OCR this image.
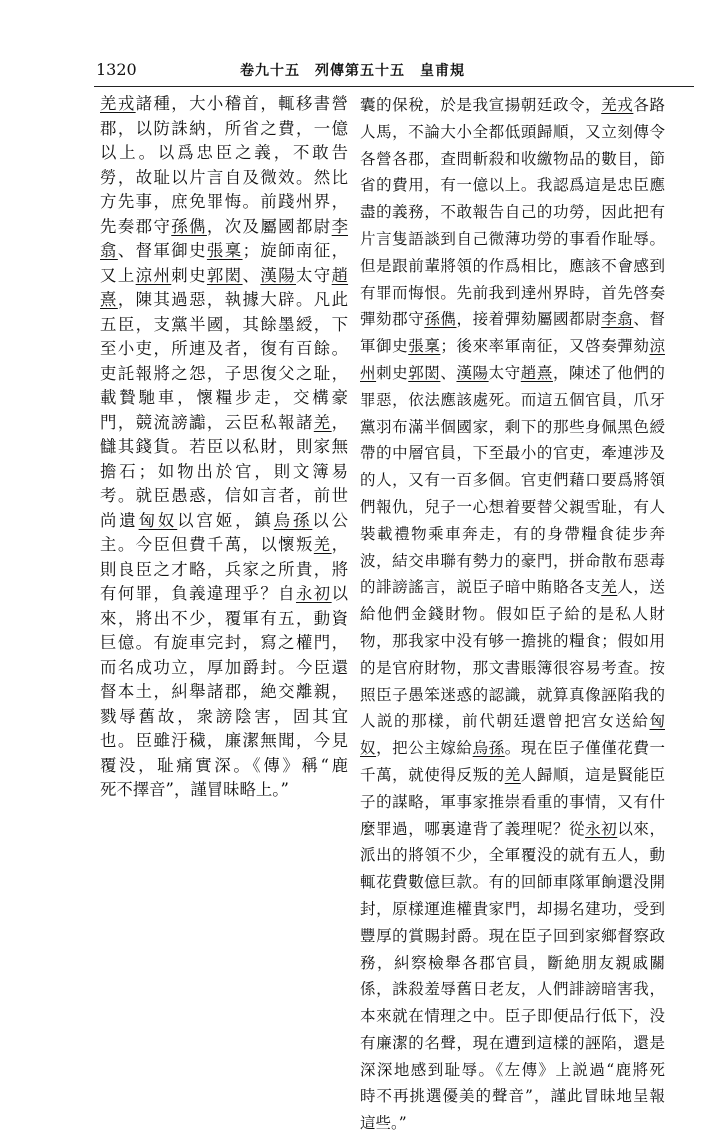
1320	卷九十五　列傳第五十五　皇甫規
羌戎諸種，大小稽首，輒移書營
郡，以防誅納，所省之費，一億
以上。以爲忠臣之義，不敢告
勞，故耻以片言自及微效。然比
方先事，庶免罪悔。前踐州界，
先奏郡守孫儁，次及屬國都尉李
翕、督軍御史張稟；旋師南征，
又上涼州刺史郭閎、漢陽太守趙
熹，陳其過惡，執據大辟。凡此
五臣，支黨半國，其餘墨綬，下
至小吏，所連及者，復有百餘。
吏託報將之怨，子思復父之耻，
載贄馳車，懷糧步走，交構豪
門，競流謗讟，云臣私報諸羌，
讎其錢貨。若臣以私財，則家無
擔石；如物出於官，則文簿易
考。就臣愚惑，信如言者，前世
尚遺匈奴以宫姬，鎮烏孫以公
主。今臣但費千萬，以懷叛羌，
則良臣之才略，兵家之所貴，將
有何罪，負義違理乎？自永初以
來，將出不少，覆軍有五，動資
巨億。有旋車完封，寫之權門，
而名成功立，厚加爵封。今臣還
督本土，糾舉諸郡，絶交離親，
戮辱舊故，衆謗陰害，固其宜
也。臣雖汙穢，廉潔無聞，今見
覆没，耻痛實深。《傳》稱“鹿
死不擇音”，謹冒昧略上。”
囊的保稅，於是我宣揚朝廷政令，羌戎各路
人馬，不論大小全都低頭歸順，又立刻傳令
各營各郡，查問斬殺和收繳物品的數目，節
省的費用，有一億以上。我認爲這是忠臣應
盡的義務，不敢報告自己的功勞，因此把有
片言隻語談到自己微薄功勞的事看作耻辱。
但是跟前輩將領的作爲相比，應該不會感到
有罪而悔恨。先前我到達州界時，首先啓奏
彈劾郡守孫儁，接着彈劾屬國都尉李翕、督
軍御史張稟；後來率軍南征，又啓奏彈劾涼
州刺史郭閎、漢陽太守趙熹，陳述了他們的
罪惡，依法應該處死。而這五個官員，爪牙
黨羽布滿半個國家，剩下的那些身佩黑色綬
帶的中層官員，下至最小的官吏，牽連涉及
的人，又有一百多個。官吏們藉口要爲將領
們報仇，兒子一心想着要替父親雪耻，有人
裝載禮物乘車奔走，有的身帶糧食徒步奔
波，結交串聯有勢力的豪門，拼命散布惡毒
的誹謗謠言，説臣子暗中賄賂各支羌人，送
給他們金錢財物。假如臣子給的是私人財
物，那我家中没有够一擔挑的糧食；假如用
的是官府財物，那文書賬簿很容易考查。按
照臣子愚笨迷惑的認識，就算真像誣陷我的
人説的那樣，前代朝廷還曾把宫女送給匈
奴，把公主嫁給烏孫。現在臣子僅僅花費一
千萬，就使得反叛的羌人歸順，這是賢能臣
子的謀略，軍事家推崇看重的事情，又有什
麼罪過，哪裏違背了義理呢？從永初以來，
派出的將領不少，全軍覆没的就有五人，動
輒花費數億巨款。有的回師車隊軍餉還没開
封，原樣運進權貴家門，却揚名建功，受到
豐厚的賞賜封爵。現在臣子回到家鄉督察政
務，糾察檢舉各郡官員，斷絶朋友親戚關
係，誅殺羞辱舊日老友，人們誹謗暗害我，
本來就在情理之中。臣子即便品行低下，没
有廉潔的名聲，現在遭到這樣的誣陷，還是
深深地感到耻辱。《左傳》上説過“鹿將死
時不再挑選優美的聲音”，謹此冒昧地呈報
這些。”
